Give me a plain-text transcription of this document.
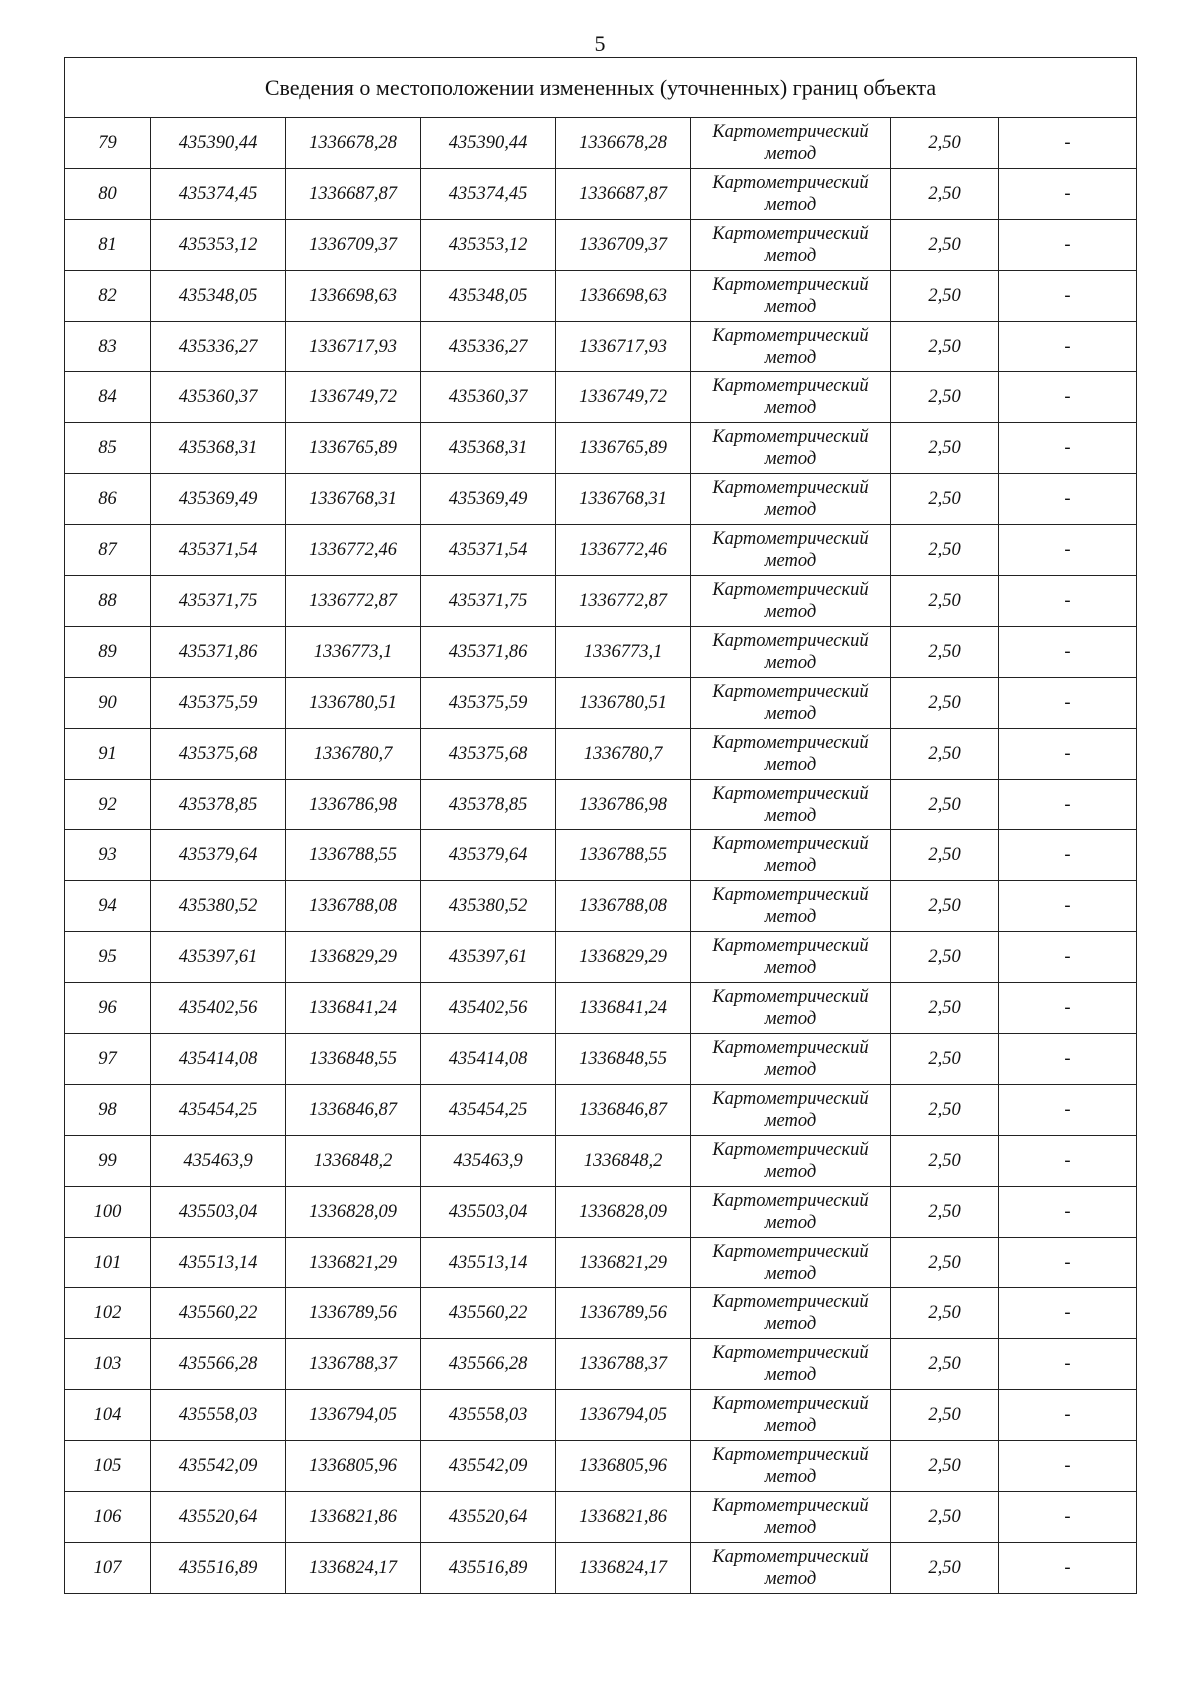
5
Сведения о местоположении измененных (уточненных) границ объекта							
79	435390,44	1336678,28	435390,44	1336678,28	Картометрический
метод	2,50	-
80	435374,45	1336687,87	435374,45	1336687,87	Картометрический
метод	2,50	-
81	435353,12	1336709,37	435353,12	1336709,37	Картометрический
метод	2,50	-
82	435348,05	1336698,63	435348,05	1336698,63	Картометрический
метод	2,50	-
83	435336,27	1336717,93	435336,27	1336717,93	Картометрический
метод	2,50	-
84	435360,37	1336749,72	435360,37	1336749,72	Картометрический
метод	2,50	-
85	435368,31	1336765,89	435368,31	1336765,89	Картометрический
метод	2,50	-
86	435369,49	1336768,31	435369,49	1336768,31	Картометрический
метод	2,50	-
87	435371,54	1336772,46	435371,54	1336772,46	Картометрический
метод	2,50	-
88	435371,75	1336772,87	435371,75	1336772,87	Картометрический
метод	2,50	-
89	435371,86	1336773,1	435371,86	1336773,1	Картометрический
метод	2,50	-
90	435375,59	1336780,51	435375,59	1336780,51	Картометрический
метод	2,50	-
91	435375,68	1336780,7	435375,68	1336780,7	Картометрический
метод	2,50	-
92	435378,85	1336786,98	435378,85	1336786,98	Картометрический
метод	2,50	-
93	435379,64	1336788,55	435379,64	1336788,55	Картометрический
метод	2,50	-
94	435380,52	1336788,08	435380,52	1336788,08	Картометрический
метод	2,50	-
95	435397,61	1336829,29	435397,61	1336829,29	Картометрический
метод	2,50	-
96	435402,56	1336841,24	435402,56	1336841,24	Картометрический
метод	2,50	-
97	435414,08	1336848,55	435414,08	1336848,55	Картометрический
метод	2,50	-
98	435454,25	1336846,87	435454,25	1336846,87	Картометрический
метод	2,50	-
99	435463,9	1336848,2	435463,9	1336848,2	Картометрический
метод	2,50	-
100	435503,04	1336828,09	435503,04	1336828,09	Картометрический
метод	2,50	-
101	435513,14	1336821,29	435513,14	1336821,29	Картометрический
метод	2,50	-
102	435560,22	1336789,56	435560,22	1336789,56	Картометрический
метод	2,50	-
103	435566,28	1336788,37	435566,28	1336788,37	Картометрический
метод	2,50	-
104	435558,03	1336794,05	435558,03	1336794,05	Картометрический
метод	2,50	-
105	435542,09	1336805,96	435542,09	1336805,96	Картометрический
метод	2,50	-
106	435520,64	1336821,86	435520,64	1336821,86	Картометрический
метод	2,50	-
107	435516,89	1336824,17	435516,89	1336824,17	Картометрический
метод	2,50	-
